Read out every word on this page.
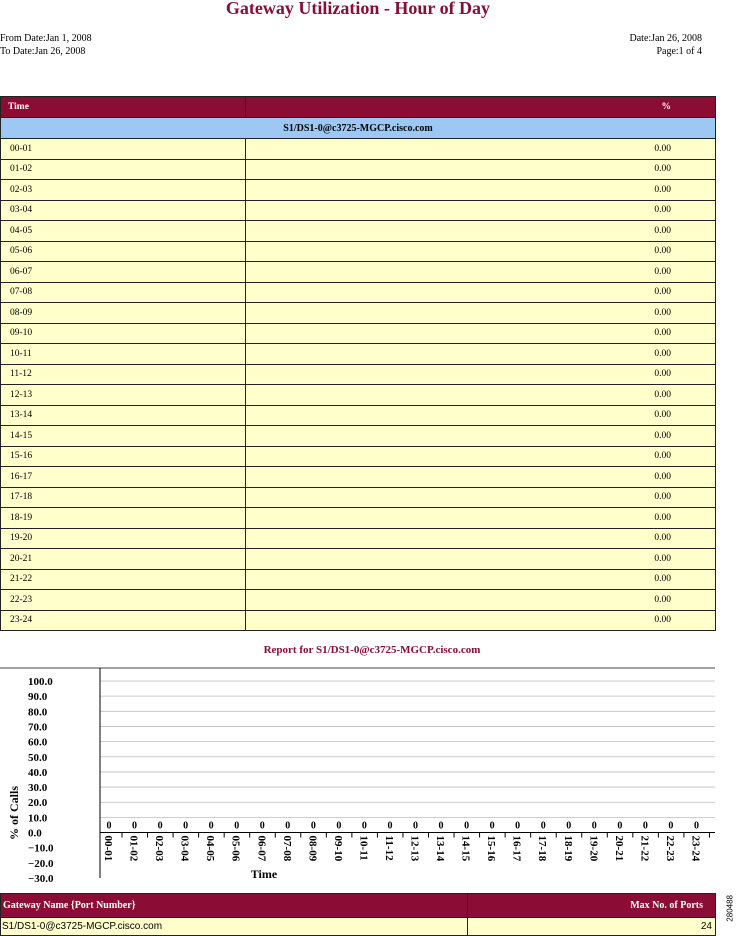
Gateway Utilization - Hour of Day
From Date:Jan 1, 2008
To Date:Jan 26, 2008
Date:Jan 26, 2008
Page:1 of 4
Time	%
S1/DS1-0@c3725-MGCP.cisco.com	
00-01	0.00
01-02	0.00
02-03	0.00
03-04	0.00
04-05	0.00
05-06	0.00
06-07	0.00
07-08	0.00
08-09	0.00
09-10	0.00
10-11	0.00
11-12	0.00
12-13	0.00
13-14	0.00
14-15	0.00
15-16	0.00
16-17	0.00
17-18	0.00
18-19	0.00
19-20	0.00
20-21	0.00
21-22	0.00
22-23	0.00
23-24	0.00
Report for S1/DS1-0@c3725-MGCP.cisco.com
100.0
90.0
80.0
70.0
60.0
50.0
40.0
30.0
20.0
10.0
0.0
−10.0
−20.0
−30.0
0
00-01
0
01-02
0
02-03
0
03-04
0
04-05
0
05-06
0
06-07
0
07-08
0
08-09
0
09-10
0
10-11
0
11-12
0
12-13
0
13-14
0
14-15
0
15-16
0
16-17
0
17-18
0
18-19
0
19-20
0
20-21
0
21-22
0
22-23
0
23-24
Time
% of Calls
Gateway Name {Port Number}	Max No. of Ports
S1/DS1-0@c3725-MGCP.cisco.com	24
280488
